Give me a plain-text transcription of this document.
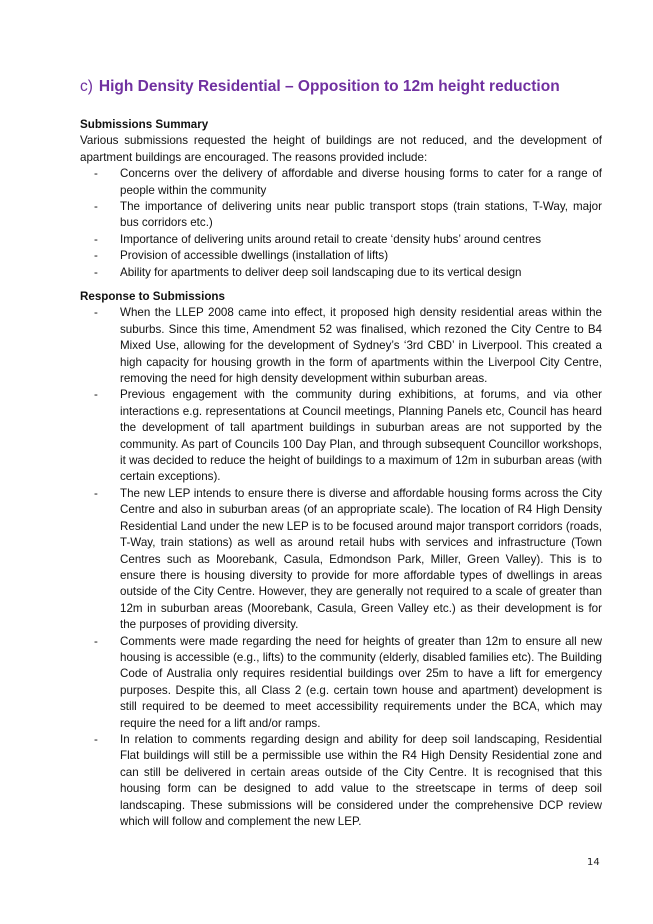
c) High Density Residential – Opposition to 12m height reduction

Submissions Summary

Various submissions requested the height of buildings are not reduced, and the development of apartment buildings are encouraged. The reasons provided include:

- Concerns over the delivery of affordable and diverse housing forms to cater for a range of people within the community
- The importance of delivering units near public transport stops (train stations, T-Way, major bus corridors etc.)
- Importance of delivering units around retail to create ‘density hubs’ around centres
- Provision of accessible dwellings (installation of lifts)
- Ability for apartments to deliver deep soil landscaping due to its vertical design

Response to Submissions

- When the LLEP 2008 came into effect, it proposed high density residential areas within the suburbs. Since this time, Amendment 52 was finalised, which rezoned the City Centre to B4 Mixed Use, allowing for the development of Sydney’s ‘3rd CBD’ in Liverpool. This created a high capacity for housing growth in the form of apartments within the Liverpool City Centre, removing the need for high density development within suburban areas.
- Previous engagement with the community during exhibitions, at forums, and via other interactions e.g. representations at Council meetings, Planning Panels etc, Council has heard the development of tall apartment buildings in suburban areas are not supported by the community. As part of Councils 100 Day Plan, and through subsequent Councillor workshops, it was decided to reduce the height of buildings to a maximum of 12m in suburban areas (with certain exceptions).
- The new LEP intends to ensure there is diverse and affordable housing forms across the City Centre and also in suburban areas (of an appropriate scale). The location of R4 High Density Residential Land under the new LEP is to be focused around major transport corridors (roads, T-Way, train stations) as well as around retail hubs with services and infrastructure (Town Centres such as Moorebank, Casula, Edmondson Park, Miller, Green Valley). This is to ensure there is housing diversity to provide for more affordable types of dwellings in areas outside of the City Centre. However, they are generally not required to a scale of greater than 12m in suburban areas (Moorebank, Casula, Green Valley etc.) as their development is for the purposes of providing diversity.
- Comments were made regarding the need for heights of greater than 12m to ensure all new housing is accessible (e.g., lifts) to the community (elderly, disabled families etc). The Building Code of Australia only requires residential buildings over 25m to have a lift for emergency purposes. Despite this, all Class 2 (e.g. certain town house and apartment) development is still required to be deemed to meet accessibility requirements under the BCA, which may require the need for a lift and/or ramps.
- In relation to comments regarding design and ability for deep soil landscaping, Residential Flat buildings will still be a permissible use within the R4 High Density Residential zone and can still be delivered in certain areas outside of the City Centre. It is recognised that this housing form can be designed to add value to the streetscape in terms of deep soil landscaping. These submissions will be considered under the comprehensive DCP review which will follow and complement the new LEP.
14
